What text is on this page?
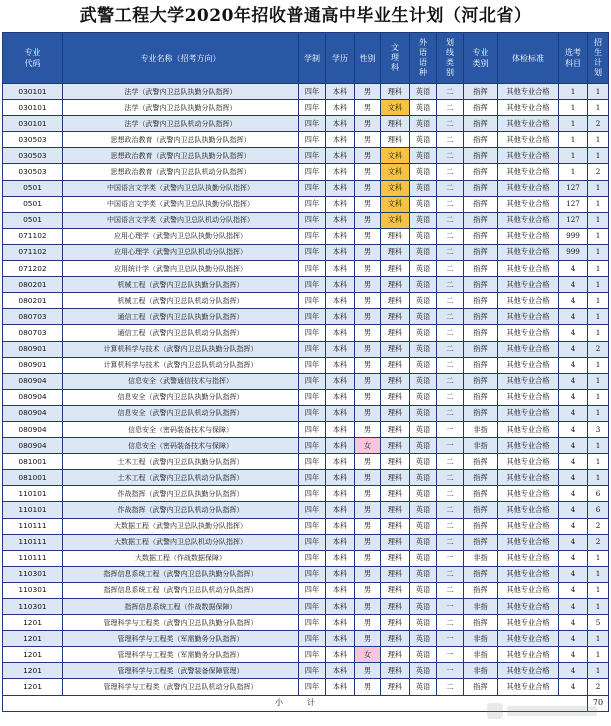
武警工程大学2020年招收普通高中毕业生计划（河北省）
专业代码	专业名称（招考方向）	学制	学历	性别	文理科	外语语种	划线类别	专业类别	体检标准	选考科目	招生计划
030101	法学（武警内卫总队执勤分队指挥）	四年	本科	男	理科	英语	二	指挥	其他专业合格	1	1
030101	法学（武警内卫总队执勤分队指挥）	四年	本科	男	文科	英语	二	指挥	其他专业合格	1	1
030101	法学（武警内卫总队机动分队指挥）	四年	本科	男	理科	英语	二	指挥	其他专业合格	1	2
030503	思想政治教育（武警内卫总队执勤分队指挥）	四年	本科	男	理科	英语	二	指挥	其他专业合格	1	1
030503	思想政治教育（武警内卫总队执勤分队指挥）	四年	本科	男	文科	英语	二	指挥	其他专业合格	1	1
030503	思想政治教育（武警内卫总队机动分队指挥）	四年	本科	男	文科	英语	二	指挥	其他专业合格	1	2
0501	中国语言文学类（武警内卫总队执勤分队指挥）	四年	本科	男	文科	英语	二	指挥	其他专业合格	127	1
0501	中国语言文学类（武警内卫总队执勤分队指挥）	四年	本科	男	文科	英语	二	指挥	其他专业合格	127	1
0501	中国语言文学类（武警内卫总队机动分队指挥）	四年	本科	男	文科	英语	二	指挥	其他专业合格	127	1
071102	应用心理学（武警内卫总队执勤分队指挥）	四年	本科	男	理科	英语	二	指挥	其他专业合格	999	1
071102	应用心理学（武警内卫总队机动分队指挥）	四年	本科	男	理科	英语	二	指挥	其他专业合格	999	1
071202	应用统计学（武警内卫总队执勤分队指挥）	四年	本科	男	理科	英语	二	指挥	其他专业合格	4	1
080201	机械工程（武警内卫总队执勤分队指挥）	四年	本科	男	理科	英语	二	指挥	其他专业合格	4	1
080201	机械工程（武警内卫总队机动分队指挥）	四年	本科	男	理科	英语	二	指挥	其他专业合格	4	1
080703	通信工程（武警内卫总队执勤分队指挥）	四年	本科	男	理科	英语	二	指挥	其他专业合格	4	1
080703	通信工程（武警内卫总队机动分队指挥）	四年	本科	男	理科	英语	二	指挥	其他专业合格	4	1
080901	计算机科学与技术（武警内卫总队执勤分队指挥）	四年	本科	男	理科	英语	二	指挥	其他专业合格	4	2
080901	计算机科学与技术（武警内卫总队机动分队指挥）	四年	本科	男	理科	英语	二	指挥	其他专业合格	4	1
080904	信息安全（武警通信技术与指挥）	四年	本科	男	理科	英语	二	指挥	其他专业合格	4	1
080904	信息安全（武警内卫总队执勤分队指挥）	四年	本科	男	理科	英语	二	指挥	其他专业合格	4	1
080904	信息安全（武警内卫总队机动分队指挥）	四年	本科	男	理科	英语	二	指挥	其他专业合格	4	1
080904	信息安全（密码装备技术与保障）	四年	本科	男	理科	英语	一	非指	其他专业合格	4	3
080904	信息安全（密码装备技术与保障）	四年	本科	女	理科	英语	一	非指	其他专业合格	4	1
081001	土木工程（武警内卫总队执勤分队指挥）	四年	本科	男	理科	英语	二	指挥	其他专业合格	4	1
081001	土木工程（武警内卫总队机动分队指挥）	四年	本科	男	理科	英语	二	指挥	其他专业合格	4	1
110101	作战指挥（武警内卫总队执勤分队指挥）	四年	本科	男	理科	英语	二	指挥	其他专业合格	4	6
110101	作战指挥（武警内卫总队机动分队指挥）	四年	本科	男	理科	英语	二	指挥	其他专业合格	4	6
110111	大数据工程（武警内卫总队执勤分队指挥）	四年	本科	男	理科	英语	二	指挥	其他专业合格	4	2
110111	大数据工程（武警内卫总队机动分队指挥）	四年	本科	男	理科	英语	二	指挥	其他专业合格	4	2
110111	大数据工程（作战数据保障）	四年	本科	男	理科	英语	一	非指	其他专业合格	4	1
110301	指挥信息系统工程（武警内卫总队执勤分队指挥）	四年	本科	男	理科	英语	二	指挥	其他专业合格	4	1
110301	指挥信息系统工程（武警内卫总队机动分队指挥）	四年	本科	男	理科	英语	二	指挥	其他专业合格	4	1
110301	指挥信息系统工程（作战数据保障）	四年	本科	男	理科	英语	一	非指	其他专业合格	4	1
1201	管理科学与工程类（武警内卫总队执勤分队指挥）	四年	本科	男	理科	英语	二	指挥	其他专业合格	4	5
1201	管理科学与工程类（军需勤务分队指挥）	四年	本科	男	理科	英语	一	非指	其他专业合格	4	1
1201	管理科学与工程类（军需勤务分队指挥）	四年	本科	女	理科	英语	一	非指	其他专业合格	4	1
1201	管理科学与工程类（武警装备保障管理）	四年	本科	男	理科	英语	一	非指	其他专业合格	4	1
1201	管理科学与工程类（武警内卫总队机动分队指挥）	四年	本科	男	理科	英语	二	指挥	其他专业合格	4	2
小　　　计											70
